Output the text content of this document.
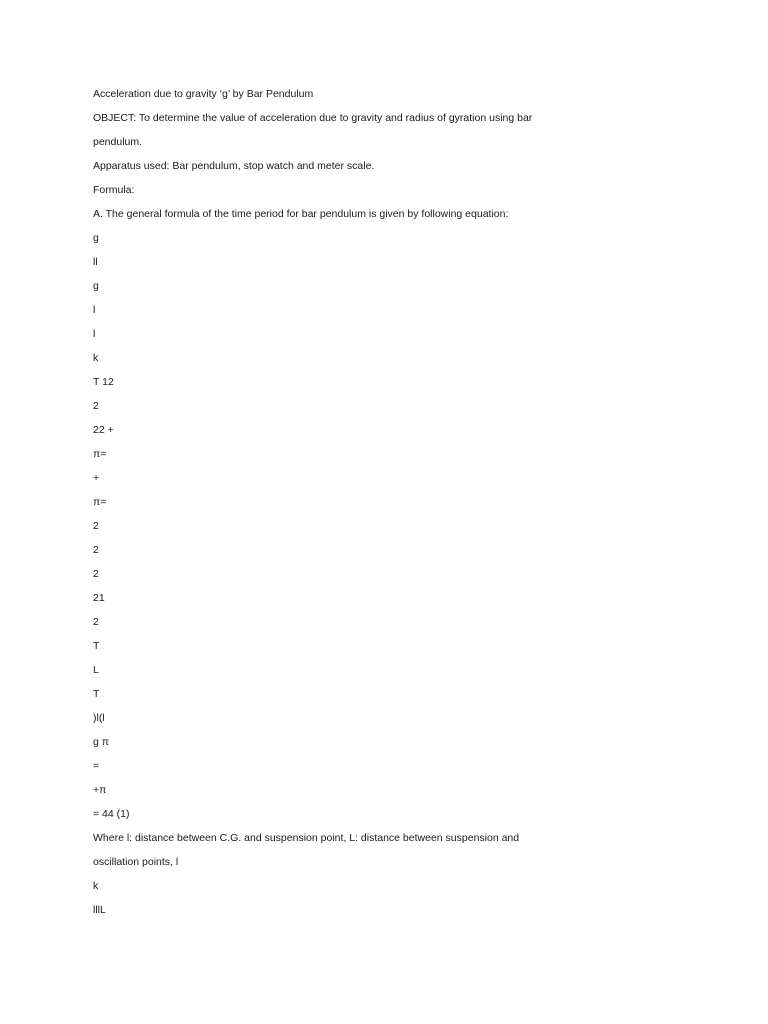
Acceleration due to gravity ‘g’ by Bar Pendulum
OBJECT: To determine the value of acceleration due to gravity and radius of gyration using bar
pendulum.
Apparatus used: Bar pendulum, stop watch and meter scale.
Formula:
A. The general formula of the time period for bar pendulum is given by following equation:
g
ll
g
l
l
k
T 12
2
22 +
π=
+
π=
2
2
2
21
2
T
L
T
)l(l
g π
=
+π
= 44 (1)
Where l: distance between C.G. and suspension point, L: distance between suspension and
oscillation points, l
k
lllL
